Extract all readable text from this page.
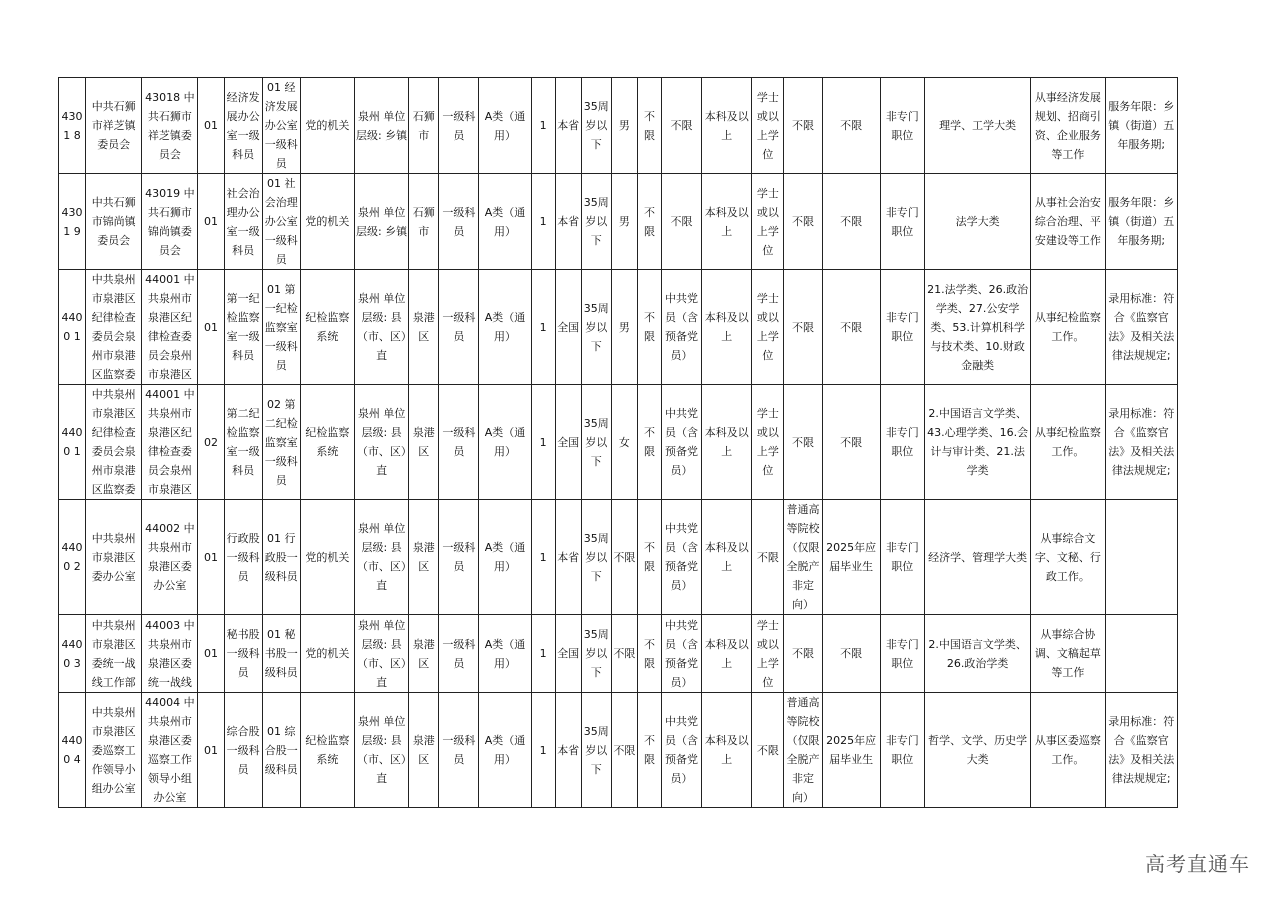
4301 8	中共石狮市祥芝镇委员会	43018 中共石狮市祥芝镇委员会	01	经济发展办公室一级科员	01 经济发展办公室一级科员	党的机关	泉州 单位层级: 乡镇	石狮市	一级科员	A类（通用）	1	本省	35周岁以下	男	不限	不限	本科及以上	学士或以上学位	不限	不限	非专门职位	理学、工学大类	从事经济发展规划、招商引资、企业服务等工作	服务年限：乡镇（街道）五年服务期;

4301 9	中共石狮市锦尚镇委员会	43019 中共石狮市锦尚镇委员会	01	社会治理办公室一级科员	01 社会治理办公室一级科员	党的机关	泉州 单位层级: 乡镇	石狮市	一级科员	A类（通用）	1	本省	35周岁以下	男	不限	不限	本科及以上	学士或以上学位	不限	不限	非专门职位	法学大类	从事社会治安综合治理、平安建设等工作	服务年限：乡镇（街道）五年服务期;

4400 1	中共泉州市泉港区纪律检查委员会泉州市泉港区监察委	44001 中共泉州市泉港区纪律检查委员会泉州市泉港区	01	第一纪检监察室一级科员	01 第一纪检监察室一级科员	纪检监察系统	泉州 单位层级: 县（市、区）直	泉港区	一级科员	A类（通用）	1	全国	35周岁以下	男	不限	中共党员（含预备党员）	本科及以上	学士或以上学位	不限	不限	非专门职位	21.法学类、26.政治学类、27.公安学类、53.计算机科学与技术类、10.财政金融类	从事纪检监察工作。	录用标准：符合《监察官法》及相关法律法规规定;

4400 1	中共泉州市泉港区纪律检查委员会泉州市泉港区监察委	44001 中共泉州市泉港区纪律检查委员会泉州市泉港区	02	第二纪检监察室一级科员	02 第二纪检监察室一级科员	纪检监察系统	泉州 单位层级: 县（市、区）直	泉港区	一级科员	A类（通用）	1	全国	35周岁以下	女	不限	中共党员（含预备党员）	本科及以上	学士或以上学位	不限	不限	非专门职位	2.中国语言文学类、43.心理学类、16.会计与审计类、21.法学类	从事纪检监察工作。	录用标准：符合《监察官法》及相关法律法规规定;

4400 2	中共泉州市泉港区委办公室	44002 中共泉州市泉港区委办公室	01	行政股一级科员	01 行政股一级科员	党的机关	泉州 单位层级: 县（市、区）直	泉港区	一级科员	A类（通用）	1	本省	35周岁以下	不限	不限	中共党员（含预备党员）	本科及以上	不限	普通高等院校（仅限全脱产非定向）	2025年应届毕业生	非专门职位	经济学、管理学大类	从事综合文字、文秘、行政工作。	

4400 3	中共泉州市泉港区委统一战线工作部	44003 中共泉州市泉港区委统一战线	01	秘书股一级科员	01 秘书股一级科员	党的机关	泉州 单位层级: 县（市、区）直	泉港区	一级科员	A类（通用）	1	全国	35周岁以下	不限	不限	中共党员（含预备党员）	本科及以上	学士或以上学位	不限	不限	非专门职位	2.中国语言文学类、26.政治学类	从事综合协调、文稿起草等工作	

4400 4	中共泉州市泉港区委巡察工作领导小组办公室	44004 中共泉州市泉港区委巡察工作领导小组办公室	01	综合股一级科员	01 综合股一级科员	纪检监察系统	泉州 单位层级: 县（市、区）直	泉港区	一级科员	A类（通用）	1	本省	35周岁以下	不限	不限	中共党员（含预备党员）	本科及以上	不限	普通高等院校（仅限全脱产非定向）	2025年应届毕业生	非专门职位	哲学、文学、历史学大类	从事区委巡察工作。	录用标准：符合《监察官法》及相关法律法规规定;
高考直通车
